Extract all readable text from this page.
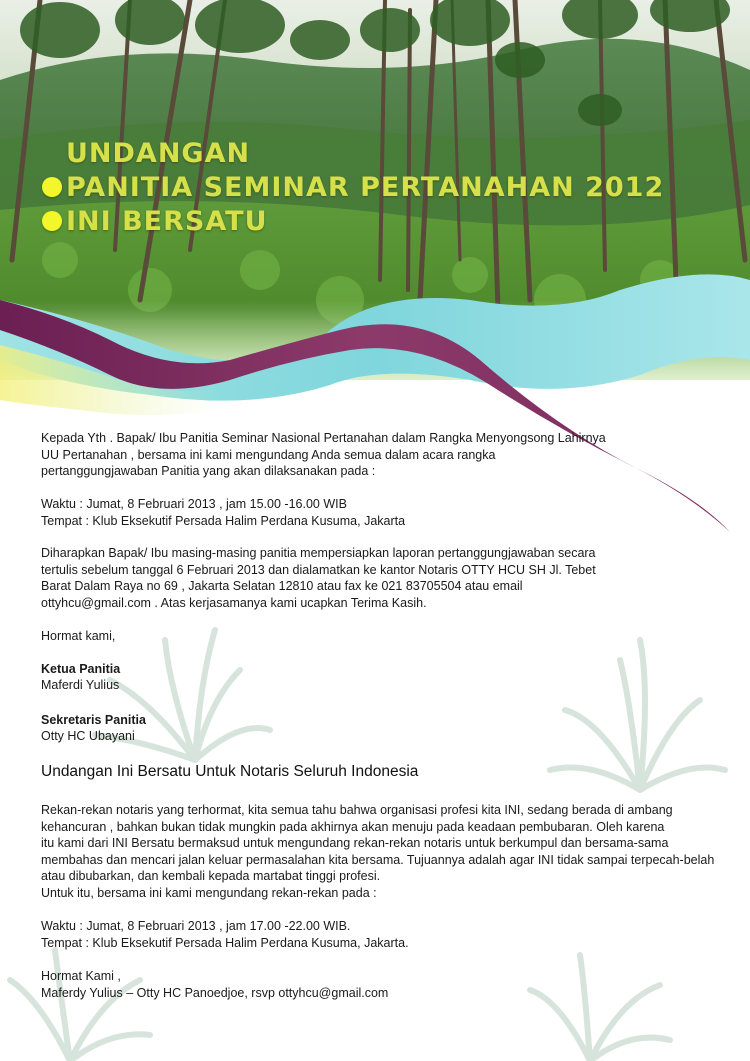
UNDANGAN
PANITIA SEMINAR PERTANAHAN 2012
INI BERSATU
Kepada Yth . Bapak/ Ibu Panitia Seminar Nasional Pertanahan dalam Rangka Menyongsong Lahirnya
UU Pertanahan , bersama ini kami mengundang Anda semua dalam acara rangka
pertanggungjawaban Panitia yang akan dilaksanakan pada :
Waktu : Jumat, 8 Februari 2013 , jam 15.00 -16.00 WIB
Tempat : Klub Eksekutif Persada Halim Perdana Kusuma, Jakarta
Diharapkan Bapak/ Ibu masing-masing panitia mempersiapkan laporan pertanggungjawaban secara
tertulis sebelum tanggal 6 Februari 2013 dan dialamatkan ke kantor Notaris OTTY HCU SH Jl. Tebet
Barat Dalam Raya no 69 , Jakarta Selatan 12810 atau fax ke 021 83705504 atau email
ottyhcu@gmail.com . Atas kerjasamanya kami ucapkan Terima Kasih.
Hormat kami,
Ketua Panitia
Maferdi Yulius
Sekretaris Panitia
Otty HC Ubayani
Undangan Ini Bersatu Untuk Notaris Seluruh Indonesia
Rekan-rekan notaris yang terhormat, kita semua tahu bahwa organisasi profesi kita INI, sedang berada di ambang
kehancuran , bahkan bukan tidak mungkin pada akhirnya akan menuju pada keadaan pembubaran. Oleh karena
itu kami dari INI Bersatu bermaksud untuk mengundang rekan-rekan notaris untuk berkumpul dan bersama-sama
membahas dan mencari jalan keluar permasalahan kita bersama. Tujuannya adalah agar INI tidak sampai terpecah-belah
atau dibubarkan, dan kembali kepada martabat tinggi profesi.
Untuk itu, bersama ini kami mengundang rekan-rekan pada :
Waktu : Jumat, 8 Februari 2013 , jam 17.00 -22.00 WIB.
Tempat : Klub Eksekutif Persada Halim Perdana Kusuma, Jakarta.
Hormat Kami ,
Maferdy Yulius – Otty HC Panoedjoe, rsvp ottyhcu@gmail.com
